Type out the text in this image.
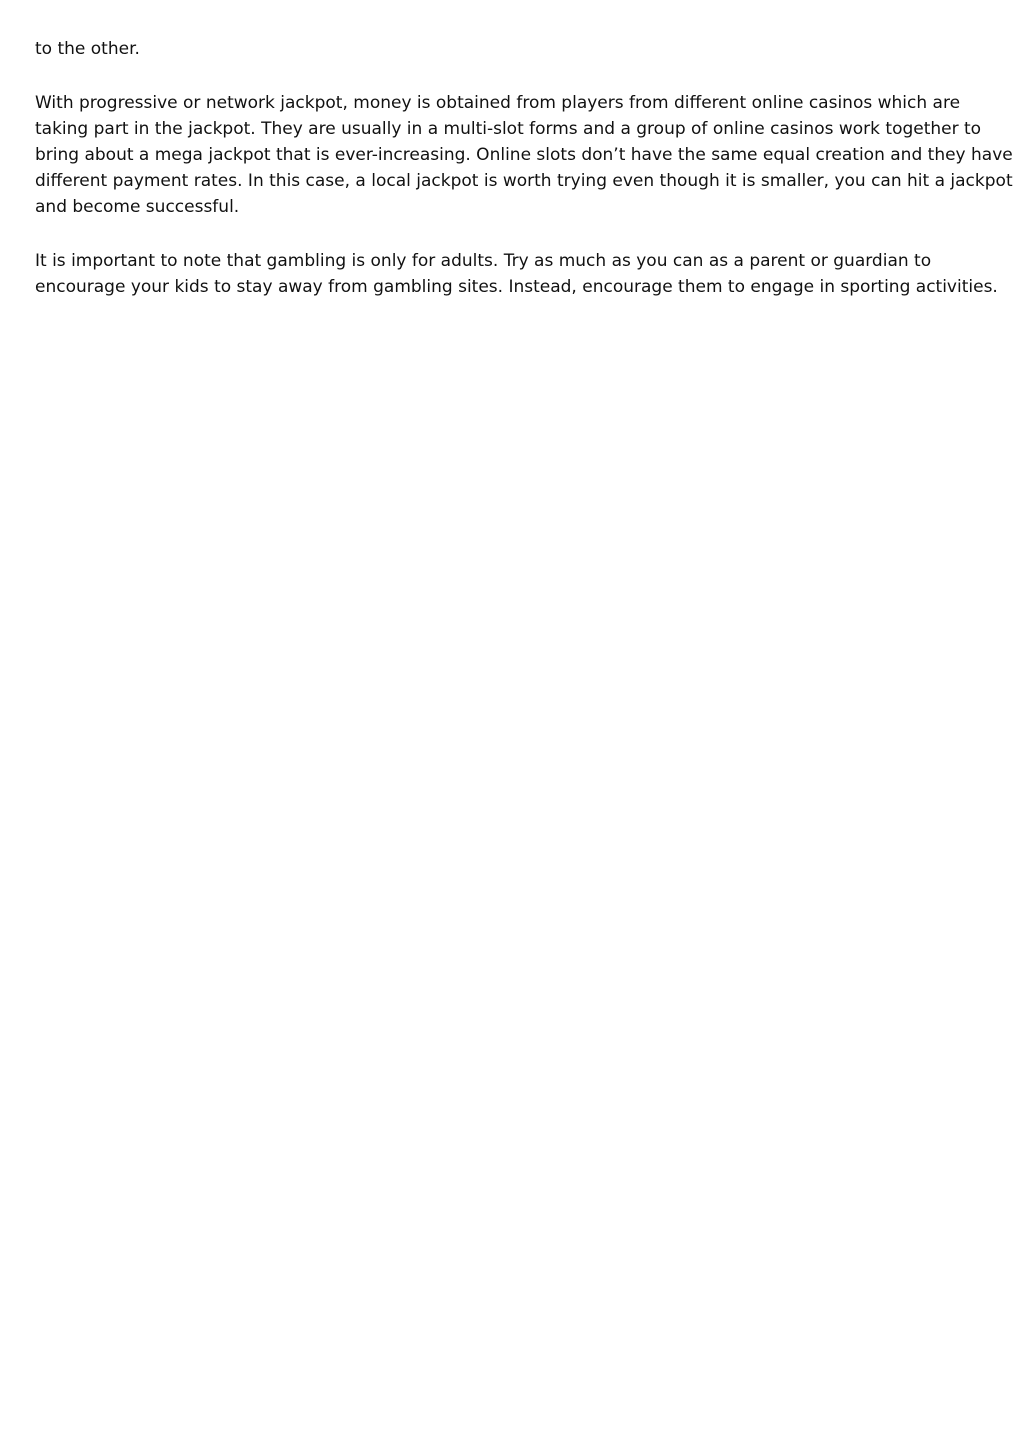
to the other.

With progressive or network jackpot, money is obtained from players from different online casinos which are
taking part in the jackpot. They are usually in a multi-slot forms and a group of online casinos work together to
bring about a mega jackpot that is ever-increasing. Online slots don’t have the same equal creation and they have
different payment rates. In this case, a local jackpot is worth trying even though it is smaller, you can hit a jackpot
and become successful.

It is important to note that gambling is only for adults. Try as much as you can as a parent or guardian to
encourage your kids to stay away from gambling sites. Instead, encourage them to engage in sporting activities.
